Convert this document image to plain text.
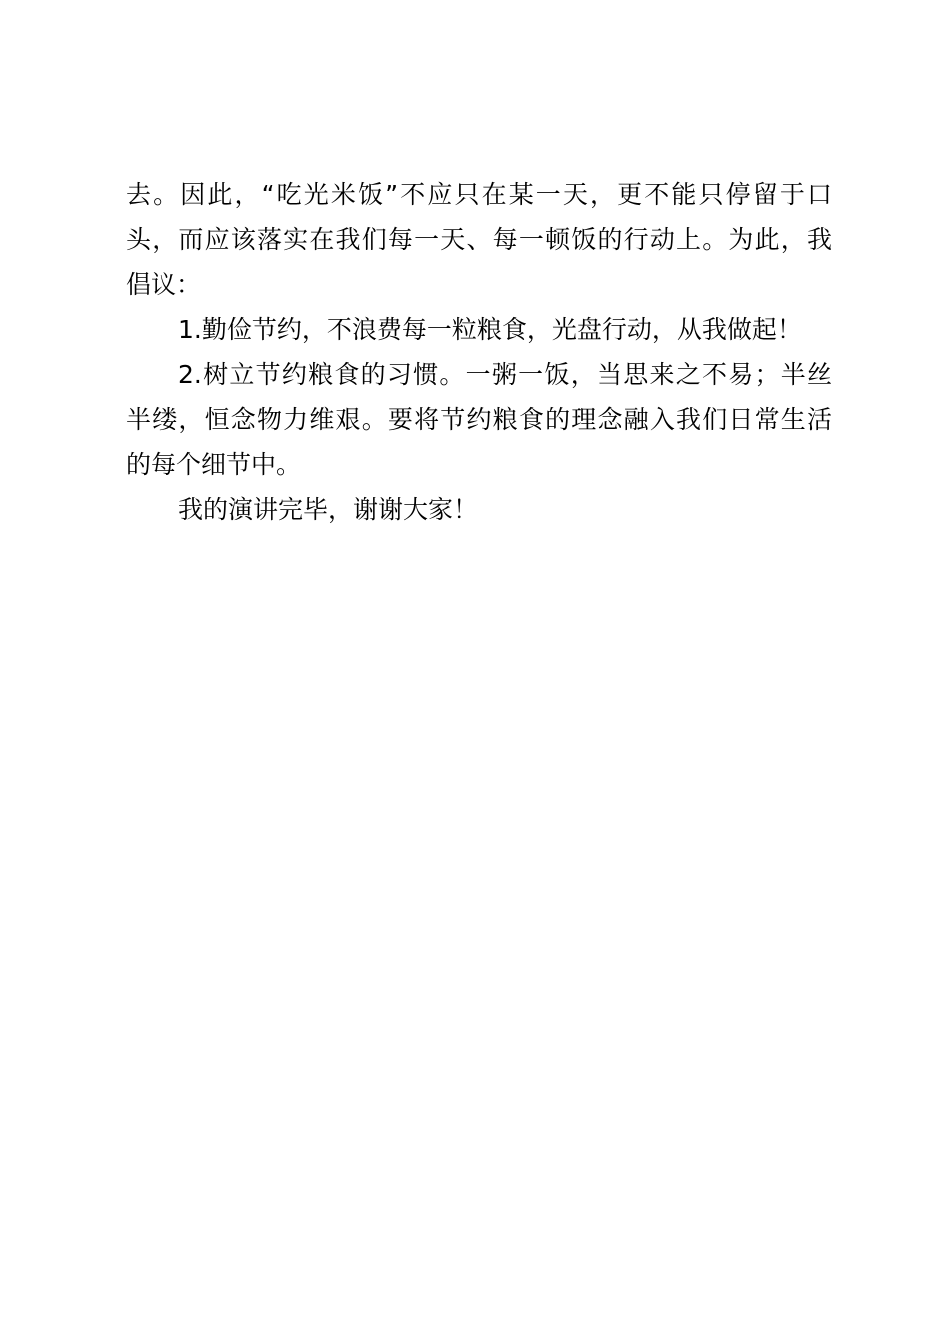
去。因此，“吃光米饭”不应只在某一天，更不能只停留于口
头，而应该落实在我们每一天、每一顿饭的行动上。为此，我
倡议：
1.勤俭节约，不浪费每一粒粮食，光盘行动，从我做起！
2.树立节约粮食的习惯。一粥一饭，当思来之不易；半丝
半缕，恒念物力维艰。要将节约粮食的理念融入我们日常生活
的每个细节中。
我的演讲完毕，谢谢大家！
